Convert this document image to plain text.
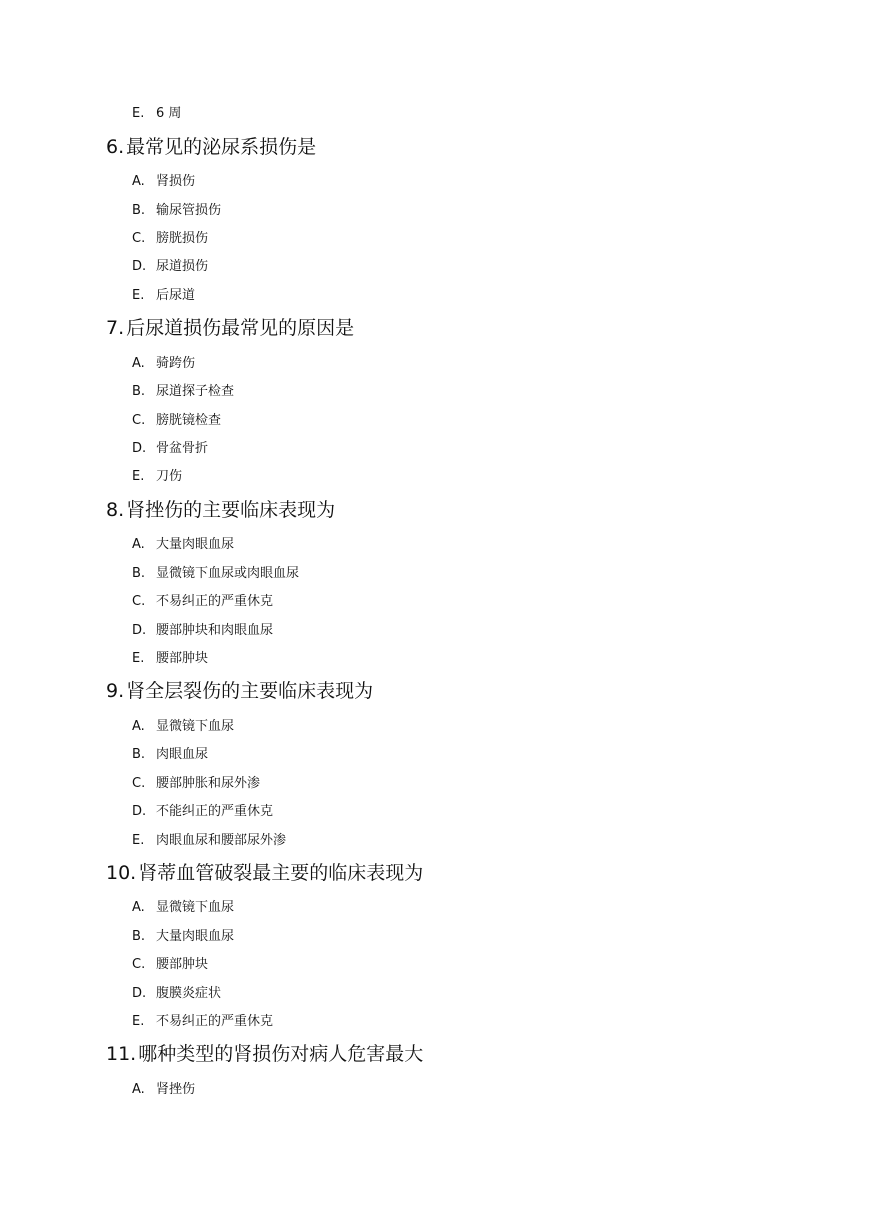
E. 6 周
6. 最常见的泌尿系损伤是
A. 肾损伤
B. 输尿管损伤
C. 膀胱损伤
D. 尿道损伤
E. 后尿道
7. 后尿道损伤最常见的原因是
A. 骑跨伤
B. 尿道探子检查
C. 膀胱镜检查
D. 骨盆骨折
E. 刀伤
8. 肾挫伤的主要临床表现为
A. 大量肉眼血尿
B. 显微镜下血尿或肉眼血尿
C. 不易纠正的严重休克
D. 腰部肿块和肉眼血尿
E. 腰部肿块
9. 肾全层裂伤的主要临床表现为
A. 显微镜下血尿
B. 肉眼血尿
C. 腰部肿胀和尿外渗
D. 不能纠正的严重休克
E. 肉眼血尿和腰部尿外渗
10. 肾蒂血管破裂最主要的临床表现为
A. 显微镜下血尿
B. 大量肉眼血尿
C. 腰部肿块
D. 腹膜炎症状
E. 不易纠正的严重休克
11. 哪种类型的肾损伤对病人危害最大
A. 肾挫伤
